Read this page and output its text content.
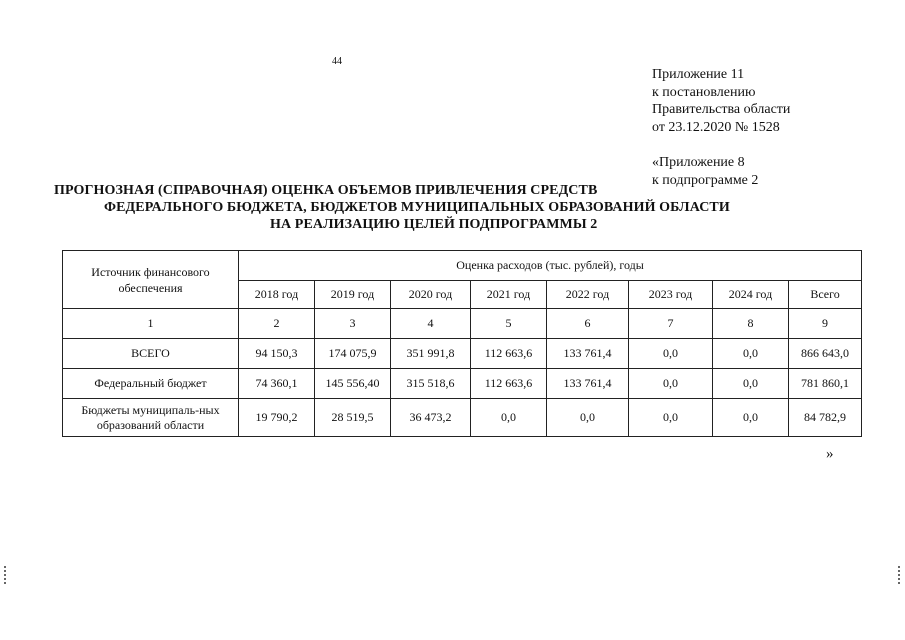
44
Приложение 11
к постановлению
Правительства области
от 23.12.2020 № 1528
«Приложение 8
к подпрограмме 2
ПРОГНОЗНАЯ (СПРАВОЧНАЯ) ОЦЕНКА ОБЪЕМОВ ПРИВЛЕЧЕНИЯ СРЕДСТВ
ФЕДЕРАЛЬНОГО БЮДЖЕТА, БЮДЖЕТОВ МУНИЦИПАЛЬНЫХ ОБРАЗОВАНИЙ ОБЛАСТИ
НА РЕАЛИЗАЦИЮ ЦЕЛЕЙ ПОДПРОГРАММЫ 2
Источник финансового обеспечения	Оценка расходов (тыс. рублей), годы							
	2018 год	2019 год	2020 год	2021 год	2022 год	2023 год	2024 год	Всего
1	2	3	4	5	6	7	8	9
ВСЕГО	94 150,3	174 075,9	351 991,8	112 663,6	133 761,4	0,0	0,0	866 643,0
Федеральный бюджет	74 360,1	145 556,40	315 518,6	112 663,6	133 761,4	0,0	0,0	781 860,1
Бюджеты муниципаль-ных образований области	19 790,2	28 519,5	36 473,2	0,0	0,0	0,0	0,0	84 782,9
»
